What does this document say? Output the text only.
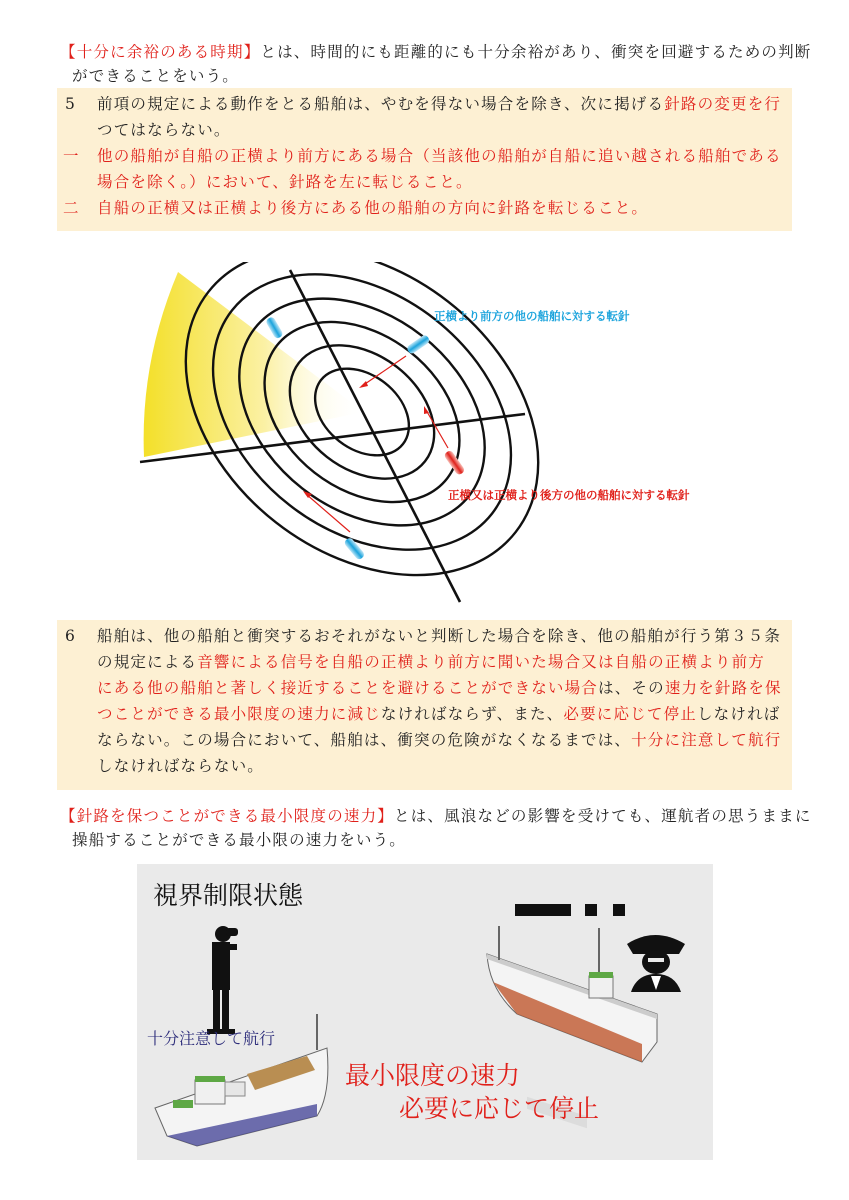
【十分に余裕のある時期】とは、時間的にも距離的にも十分余裕があり、衝突を回避するための判断
ができることをいう。
5 前項の規定による動作をとる船舶は、やむを得ない場合を除き、次に掲げる針路の変更を行
つてはならない。
一 他の船舶が自船の正横より前方にある場合（当該他の船舶が自船に追い越される船舶である
場合を除く。）において、針路を左に転じること。
二 自船の正横又は正横より後方にある他の船舶の方向に針路を転じること。
正横より前方の他の船舶に対する転針
正横又は正横より後方の他の船舶に対する転針
6 船舶は、他の船舶と衝突するおそれがないと判断した場合を除き、他の船舶が行う第３５条
の規定による音響による信号を自船の正横より前方に聞いた場合又は自船の正横より前方
にある他の船舶と著しく接近することを避けることができない場合は、その速力を針路を保
つことができる最小限度の速力に減じなければならず、また、必要に応じて停止しなければ
ならない。この場合において、船舶は、衝突の危険がなくなるまでは、十分に注意して航行
しなければならない。
【針路を保つことができる最小限度の速力】とは、風浪などの影響を受けても、運航者の思うままに
操船することができる最小限の速力をいう。
視界制限状態
十分注意して航行
最小限度の速力
必要に応じて停止
